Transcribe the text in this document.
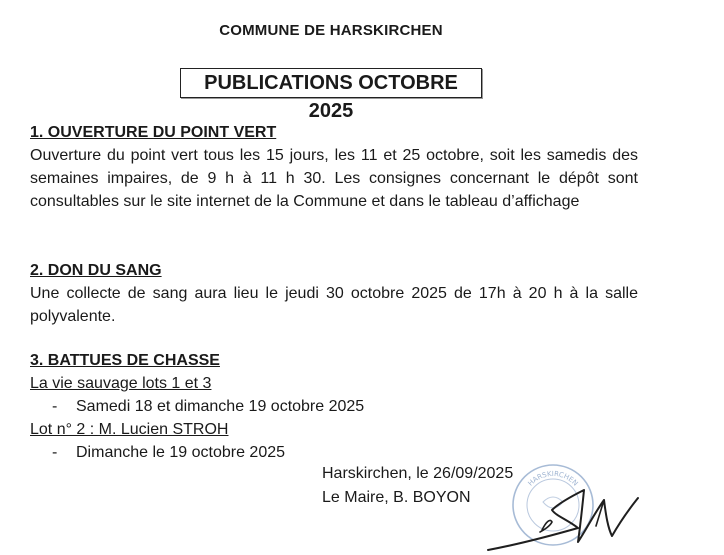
COMMUNE DE HARSKIRCHEN
PUBLICATIONS OCTOBRE 2025
1. OUVERTURE DU POINT VERT
Ouverture du point vert tous les 15 jours, les 11 et 25 octobre, soit les samedis des semaines impaires, de 9 h à 11 h 30. Les consignes concernant le dépôt sont consultables sur le site internet de la Commune et dans le tableau d’affichage
2. DON DU SANG
Une collecte de sang aura lieu le jeudi 30 octobre 2025 de 17h à 20 h à la salle polyvalente.
3. BATTUES DE CHASSE
La vie sauvage lots 1 et 3
- Samedi 18 et dimanche 19 octobre 2025
Lot n° 2 : M. Lucien STROH
- Dimanche le 19 octobre 2025
Harskirchen, le 26/09/2025
Le Maire, B. BOYON
HARSKIRCHEN
